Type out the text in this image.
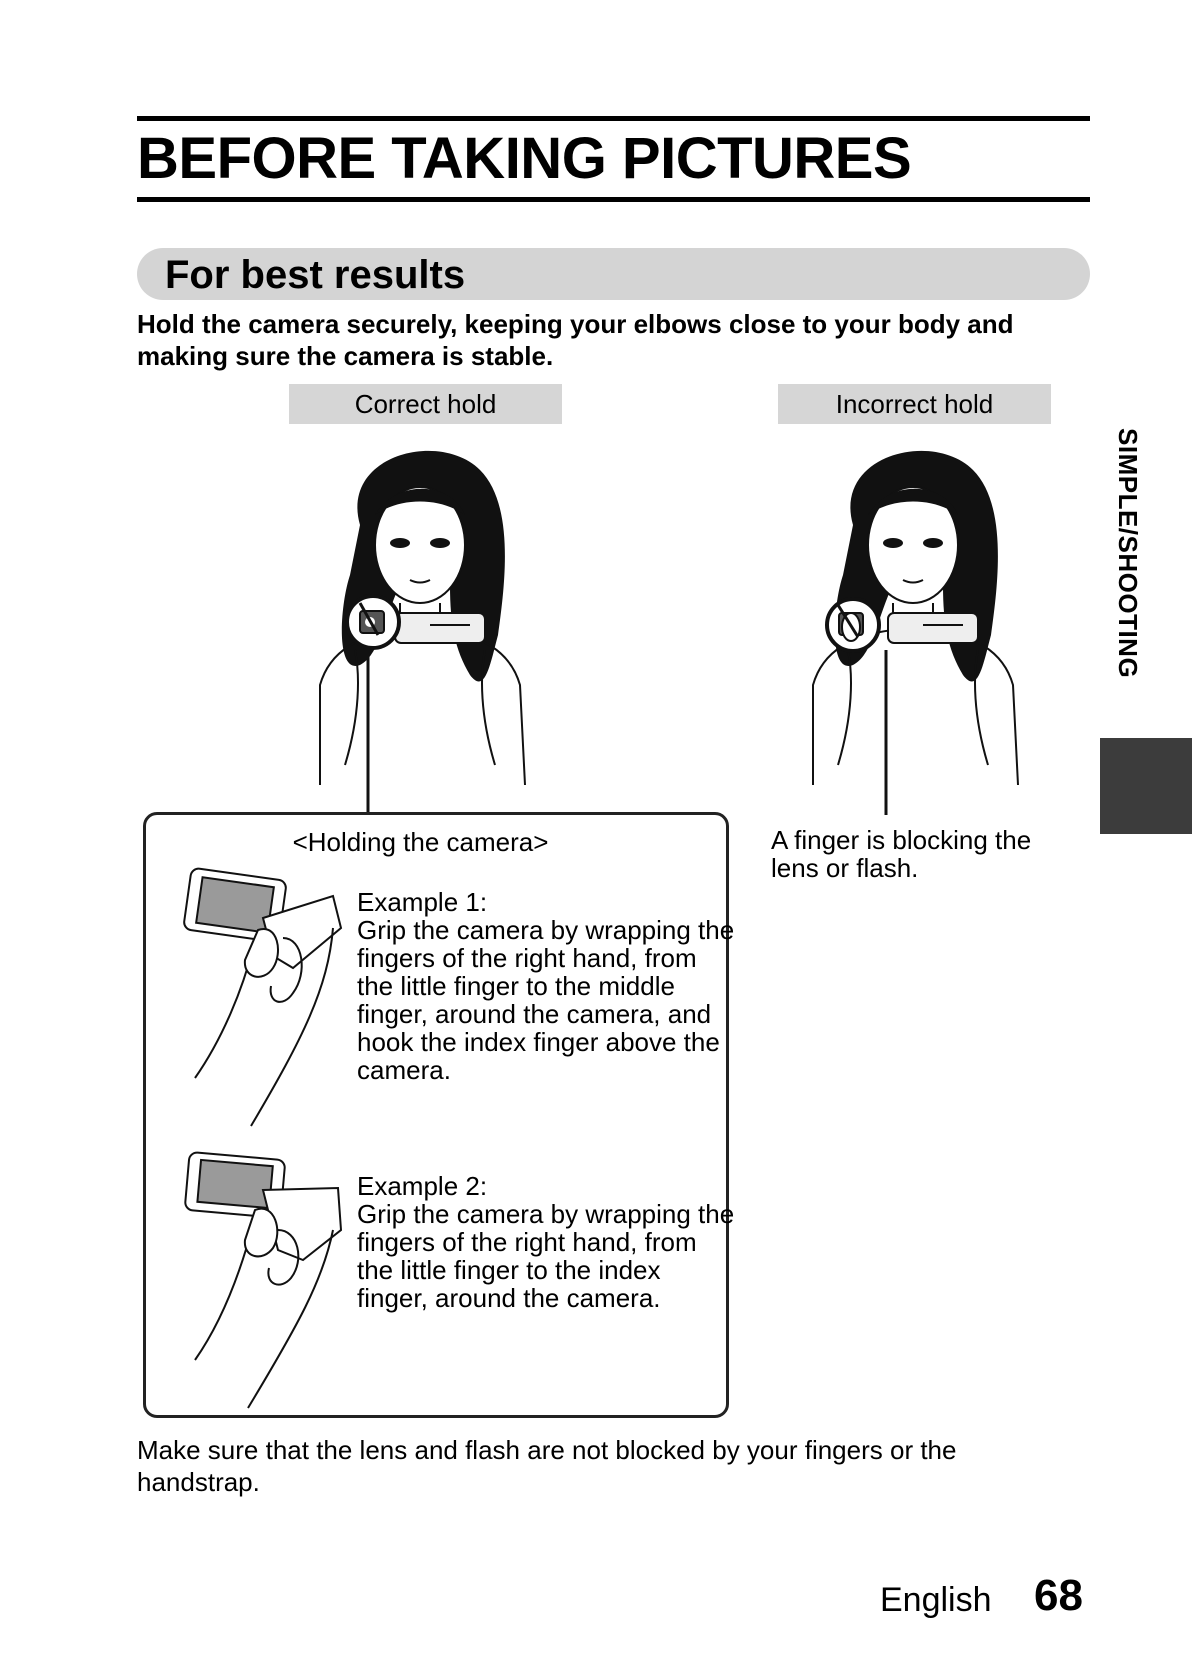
BEFORE TAKING PICTURES
For best results
Hold the camera securely, keeping your elbows close to your body and making sure the camera is stable.
Correct hold	Incorrect hold
<Holding the camera>
Example 1:
Grip the camera by wrapping the fingers of the right hand, from the little finger to the middle finger, around the camera, and hook the index finger above the camera.
Example 2:
Grip the camera by wrapping the fingers of the right hand, from the little finger to the index finger, around the camera.
A finger is blocking the lens or flash.
Make sure that the lens and flash are not blocked by your fingers or the handstrap.
SIMPLE/SHOOTING
English 68
